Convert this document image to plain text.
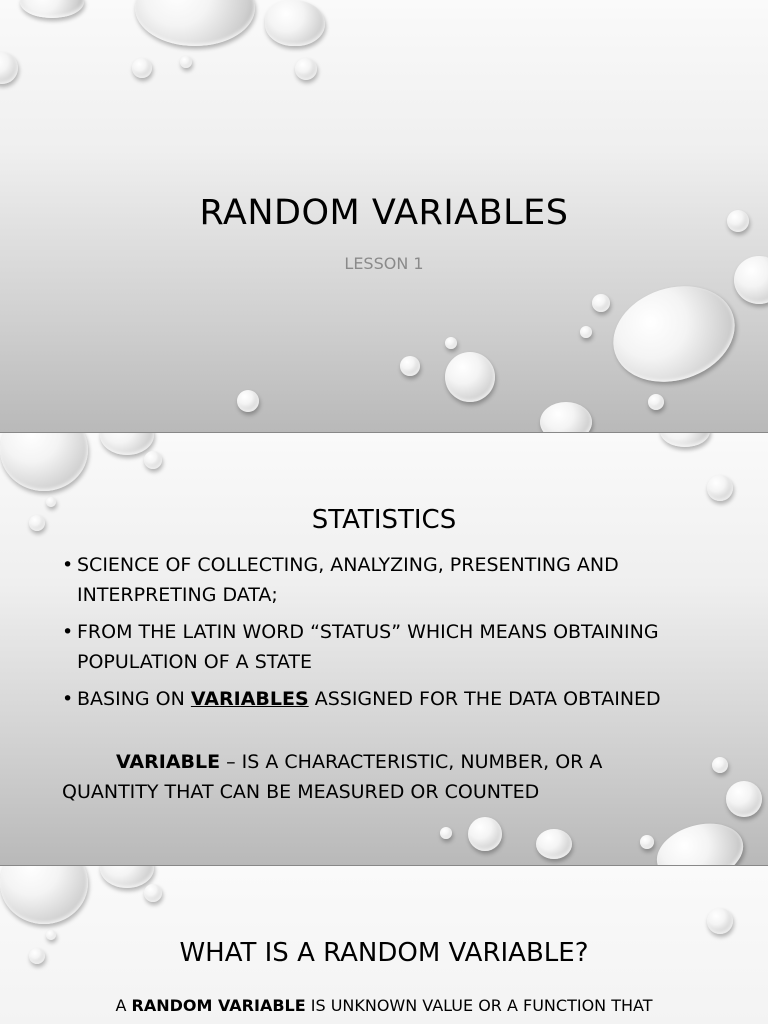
RANDOM VARIABLES
LESSON 1
STATISTICS
• SCIENCE OF COLLECTING, ANALYZING, PRESENTING AND INTERPRETING DATA;
• FROM THE LATIN WORD “STATUS” WHICH MEANS OBTAINING POPULATION OF A STATE
• BASING ON VARIABLES ASSIGNED FOR THE DATA OBTAINED
VARIABLE – IS A CHARACTERISTIC, NUMBER, OR A QUANTITY THAT CAN BE MEASURED OR COUNTED
WHAT IS A RANDOM VARIABLE?
A RANDOM VARIABLE IS UNKNOWN VALUE OR A FUNCTION THAT
